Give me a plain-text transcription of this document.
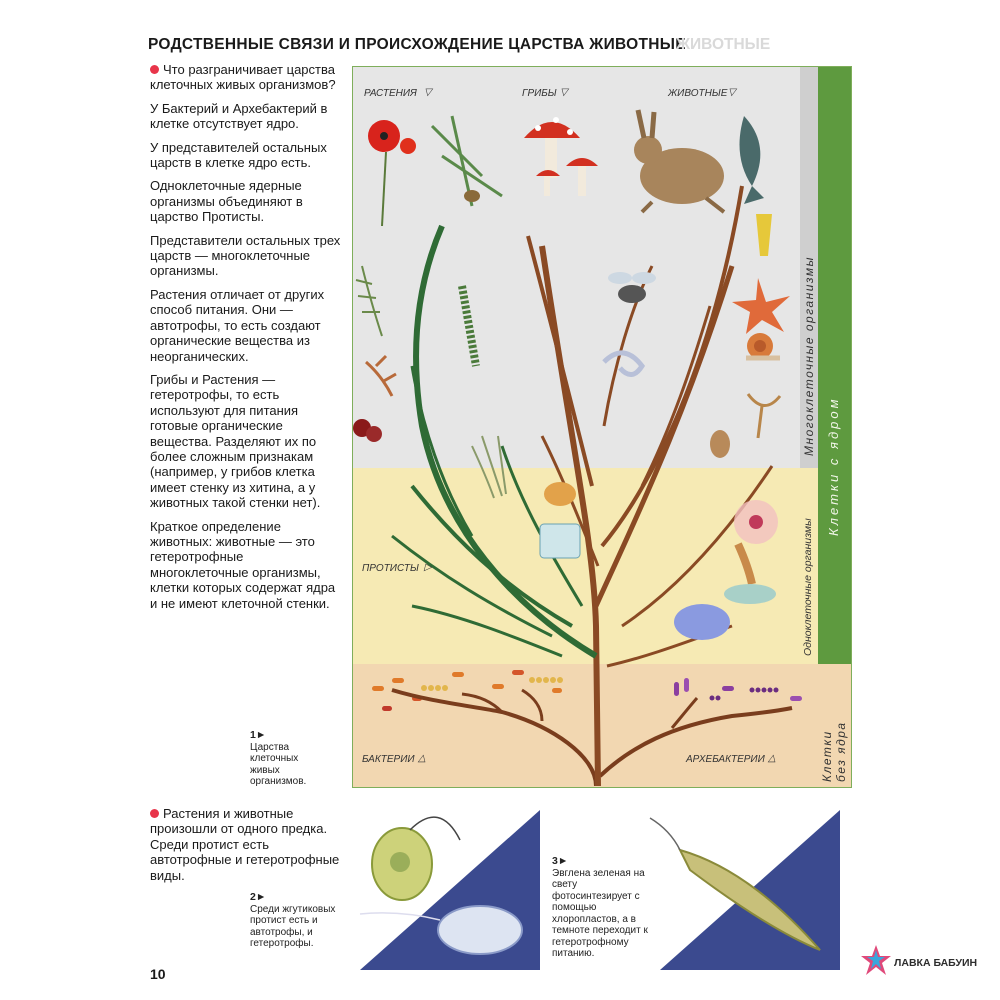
РОДСТВЕННЫЕ СВЯЗИ И ПРОИСХОЖДЕНИЕ ЦАРСТВА ЖИВОТНЫЕ
ЖИВОТНЫЕ

Что разграничивает царства клеточных живых организмов?

У Бактерий и Архебактерий в клетке отсутствует ядро.

У представителей остальных царств в клетке ядро есть.

Одноклеточные ядерные организмы объединяют в царство Протисты.

Представители остальных трех царств — многоклеточные организмы.

Растения отличает от других способ питания. Они — автотрофы, то есть создают органические вещества из неорганических.

Грибы и Растения — гетеротрофы, то есть используют для питания готовые органические вещества. Разделяют их по более сложным признакам (например, у грибов клетка имеет стенку из хитина, а у животных такой стенки нет).

Краткое определение животных: животные — это гетеротрофные многоклеточные организмы, клетки которых содержат ядра и не имеют клеточной стенки.

РАСТЕНИЯ ▽	ГРИБЫ ▽	ЖИВОТНЫЕ ▽
ПРОТИСТЫ ▷
БАКТЕРИИ △	АРХЕБАКТЕРИИ △
Многоклеточные организмы
Одноклеточные организмы
Клетки с ядром
Клетки без ядра
1►
Царства клеточных живых организмов.
Растения и животные произошли от одного предка. Среди протист есть автотрофные и гетеротрофные виды.
2►
Среди жгутиковых протист есть и автотрофы, и гетеротрофы.
3►
Эвглена зеленая на свету фотосинтезирует с помощью хлоропластов, а в темноте переходит к гетеротрофному питанию.
10
ЛАВКА БАБУИН
